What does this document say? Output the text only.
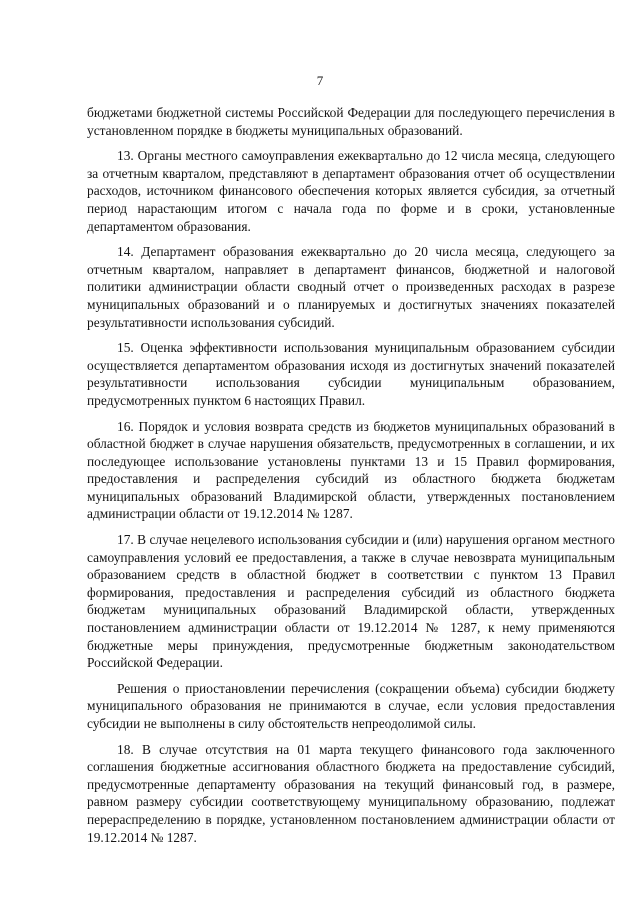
7

бюджетами бюджетной системы Российской Федерации для последующего перечисления в установленном порядке в бюджеты муниципальных образований.

13. Органы местного самоуправления ежеквартально до 12 числа месяца, следующего за отчетным кварталом, представляют в департамент образования отчет об осуществлении расходов, источником финансового обеспечения которых является субсидия, за отчетный период нарастающим итогом с начала года по форме и в сроки, установленные департаментом образования.

14. Департамент образования ежеквартально до 20 числа месяца, следующего за отчетным кварталом, направляет в департамент финансов, бюджетной и налоговой политики администрации области сводный отчет о произведенных расходах в разрезе муниципальных образований и о планируемых и достигнутых значениях показателей результативности использования субсидий.

15. Оценка эффективности использования муниципальным образованием субсидии осуществляется департаментом образования исходя из достигнутых значений показателей результативности использования субсидии муниципальным образованием, предусмотренных пунктом 6 настоящих Правил.

16. Порядок и условия возврата средств из бюджетов муниципальных образований в областной бюджет в случае нарушения обязательств, предусмотренных в соглашении, и их последующее использование установлены пунктами 13 и 15 Правил формирования, предоставления и распределения субсидий из областного бюджета бюджетам муниципальных образований Владимирской области, утвержденных постановлением администрации области от 19.12.2014 № 1287.

17. В случае нецелевого использования субсидии и (или) нарушения органом местного самоуправления условий ее предоставления, а также в случае невозврата муниципальным образованием средств в областной бюджет в соответствии с пунктом 13 Правил формирования, предоставления и распределения субсидий из областного бюджета бюджетам муниципальных образований Владимирской области, утвержденных постановлением администрации области от 19.12.2014 № 1287, к нему применяются бюджетные меры принуждения, предусмотренные бюджетным законодательством Российской Федерации.

Решения о приостановлении перечисления (сокращении объема) субсидии бюджету муниципального образования не принимаются в случае, если условия предоставления субсидии не выполнены в силу обстоятельств непреодолимой силы.

18. В случае отсутствия на 01 марта текущего финансового года заключенного соглашения бюджетные ассигнования областного бюджета на предоставление субсидий, предусмотренные департаменту образования на текущий финансовый год, в размере, равном размеру субсидии соответствующему муниципальному образованию, подлежат перераспределению в порядке, установленном постановлением администрации области от 19.12.2014 № 1287.
